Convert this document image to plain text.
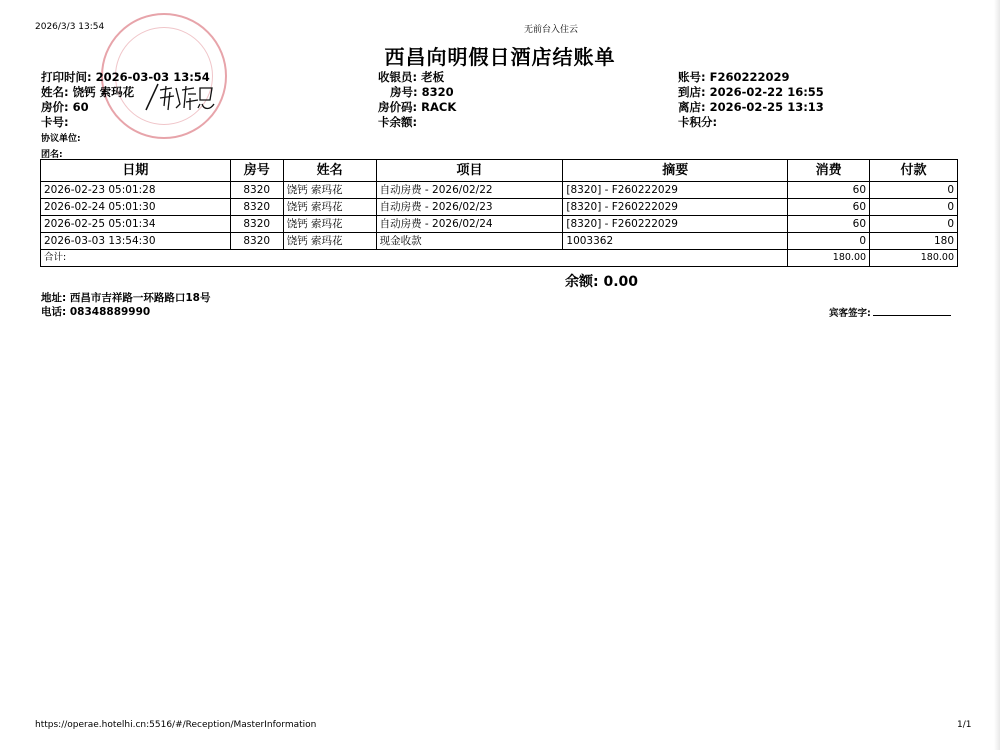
2026/3/3 13:54	无前台入住云
西昌向明假日酒店结账单
打印时间: 2026-03-03 13:54
姓名: 饶钙 索玛花
房价: 60
卡号:
协议单位:
团名:
收银员: 老板
房号: 8320
房价码: RACK
卡余额:
账号: F260222029
到店: 2026-02-22 16:55
离店: 2026-02-25 13:13
卡积分:
日期	房号	姓名	项目	摘要	消费	付款
2026-02-23 05:01:28	8320	饶钙 索玛花	自动房费 - 2026/02/22	[8320] - F260222029	60	0
2026-02-24 05:01:30	8320	饶钙 索玛花	自动房费 - 2026/02/23	[8320] - F260222029	60	0
2026-02-25 05:01:34	8320	饶钙 索玛花	自动房费 - 2026/02/24	[8320] - F260222029	60	0
2026-03-03 13:54:30	8320	饶钙 索玛花	现金收款	1003362	0	180
合计:					180.00	180.00
余额: 0.00
地址: 西昌市吉祥路一环路路口18号
电话: 08348889990	宾客签字:
https://operae.hotelhi.cn:5516/#/Reception/MasterInformation	1/1
